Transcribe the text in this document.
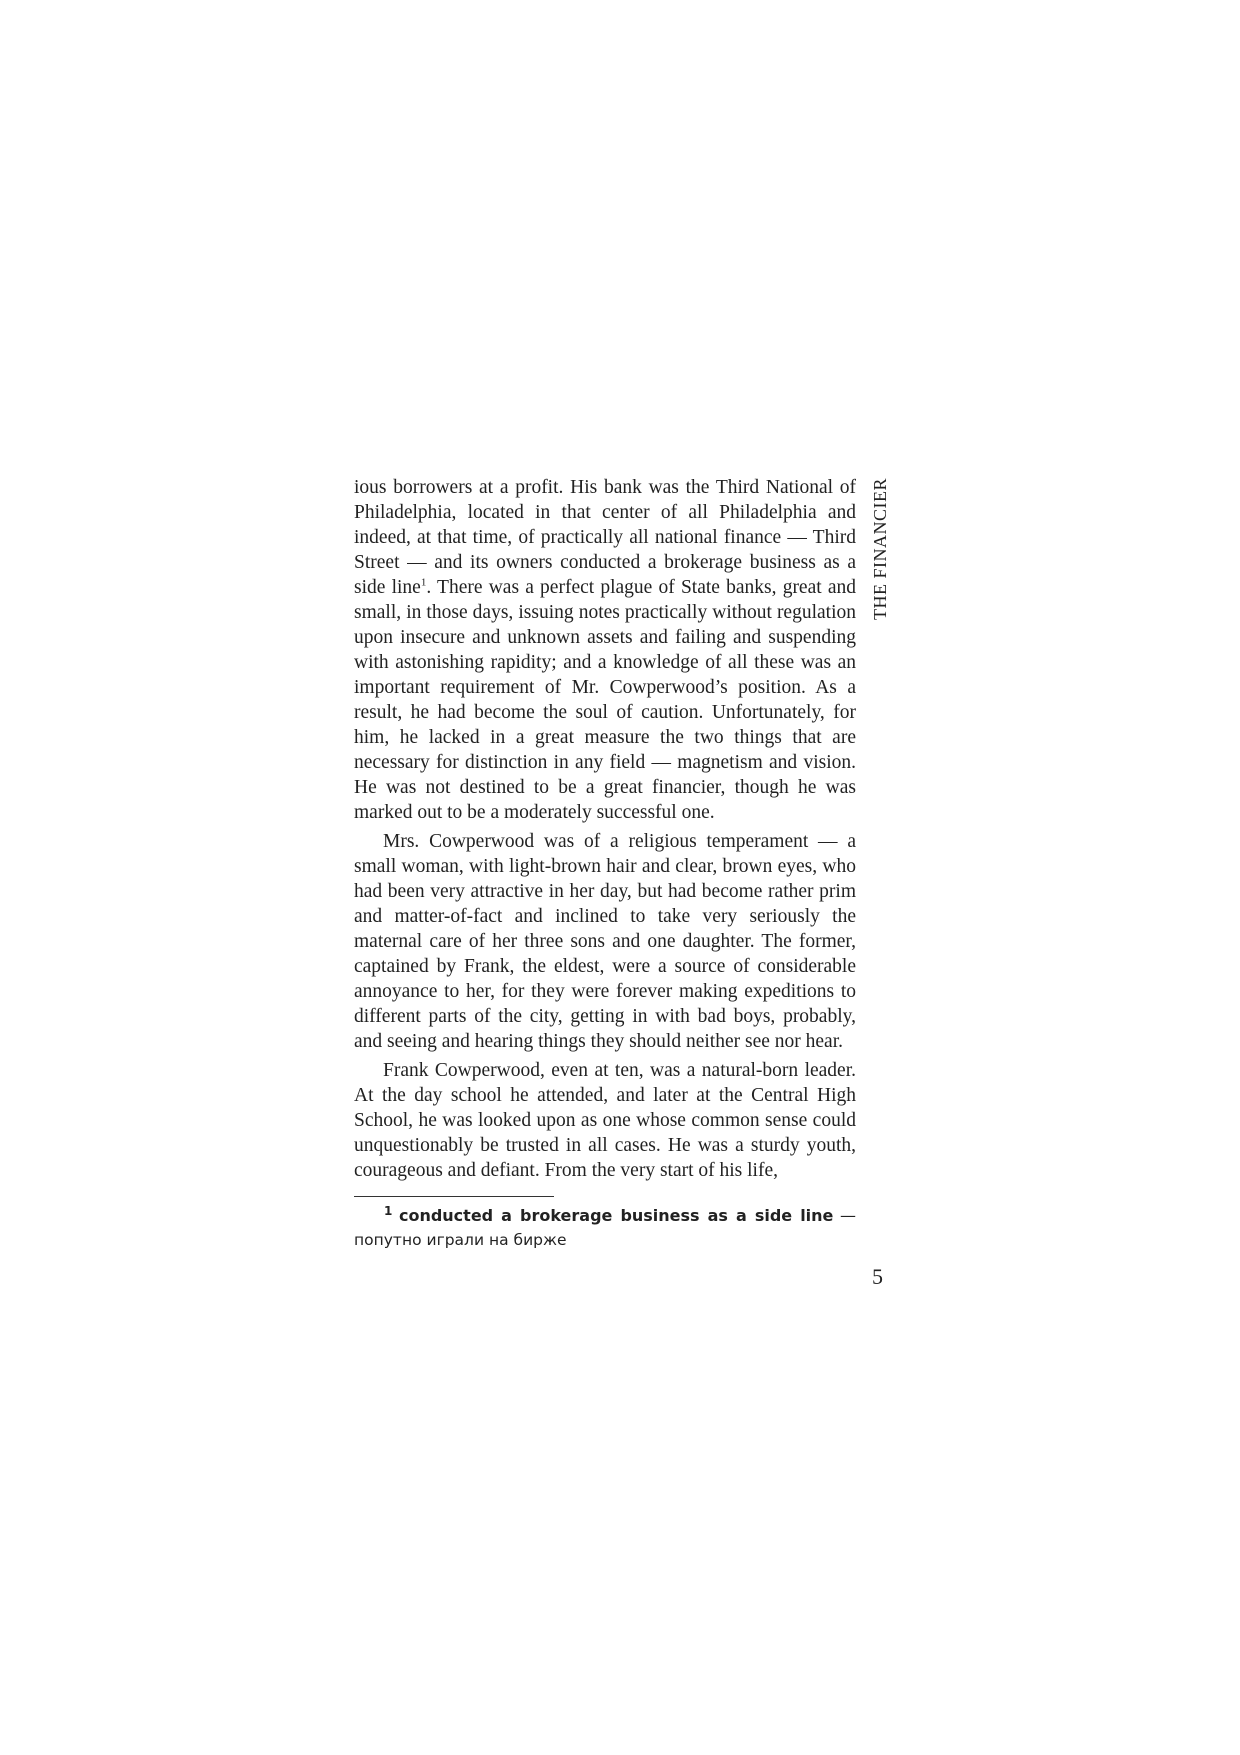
THE FINANCIER

ious borrowers at a profit. His bank was the Third National of Philadelphia, located in that center of all Philadelphia and indeed, at that time, of practically all national finance — Third Street — and its owners conducted a brokerage business as a side line$^1$. There was a perfect plague of State banks, great and small, in those days, issuing notes practically without regulation upon insecure and unknown assets and failing and suspending with astonishing rapidity; and a knowledge of all these was an important requirement of Mr. Cowperwood’s position. As a result, he had become the soul of caution. Unfortunately, for him, he lacked in a great measure the two things that are necessary for distinction in any field — magnetism and vision. He was not destined to be a great financier, though he was marked out to be a moderately successful one.

Mrs. Cowperwood was of a religious temperament — a small woman, with light-brown hair and clear, brown eyes, who had been very attractive in her day, but had become rather prim and matter-of-fact and inclined to take very seriously the maternal care of her three sons and one daughter. The former, captained by Frank, the eldest, were a source of considerable annoyance to her, for they were forever making expeditions to different parts of the city, getting in with bad boys, probably, and seeing and hearing things they should neither see nor hear.

Frank Cowperwood, even at ten, was a natural-born leader. At the day school he attended, and later at the Central High School, he was looked upon as one whose common sense could unquestionably be trusted in all cases. He was a sturdy youth, courageous and defiant. From the very start of his life,

$^1$ conducted a brokerage business as a side line — попутно играли на бирже
5
